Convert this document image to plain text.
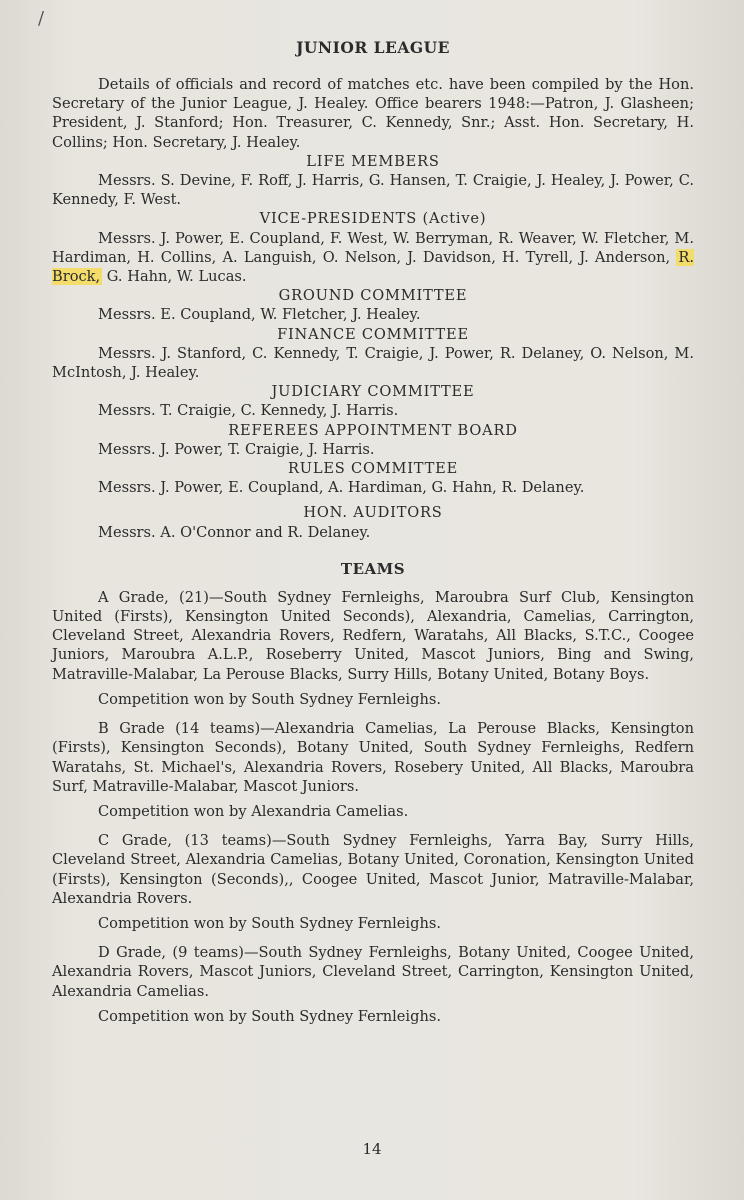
/
JUNIOR LEAGUE

Details of officials and record of matches etc. have been compiled by the Hon. Secretary of the Junior League, J. Healey. Office bearers 1948:—Patron, J. Glasheen; President, J. Stanford; Hon. Treasurer, C. Kennedy, Snr.; Asst. Hon. Secretary, H. Collins; Hon. Secretary, J. Healey.

LIFE MEMBERS

Messrs. S. Devine, F. Roff, J. Harris, G. Hansen, T. Craigie, J. Healey, J. Power, C. Kennedy, F. West.

VICE-PRESIDENTS (Active)

Messrs. J. Power, E. Coupland, F. West, W. Berryman, R. Weaver, W. Fletcher, M. Hardiman, H. Collins, A. Languish, O. Nelson, J. Davidson, H. Tyrell, J. Anderson, R. Brock, G. Hahn, W. Lucas.

GROUND COMMITTEE

Messrs. E. Coupland, W. Fletcher, J. Healey.

FINANCE COMMITTEE

Messrs. J. Stanford, C. Kennedy, T. Craigie, J. Power, R. Delaney, O. Nelson, M. McIntosh, J. Healey.

JUDICIARY COMMITTEE

Messrs. T. Craigie, C. Kennedy, J. Harris.

REFEREES APPOINTMENT BOARD

Messrs. J. Power, T. Craigie, J. Harris.

RULES COMMITTEE

Messrs. J. Power, E. Coupland, A. Hardiman, G. Hahn, R. Delaney.

HON. AUDITORS

Messrs. A. O'Connor and R. Delaney.

TEAMS

A Grade, (21)—South Sydney Fernleighs, Maroubra Surf Club, Kensington United (Firsts), Kensington United Seconds), Alexandria, Camelias, Carrington, Cleveland Street, Alexandria Rovers, Redfern, Waratahs, All Blacks, S.T.C., Coogee Juniors, Maroubra A.L.P., Roseberry United, Mascot Juniors, Bing and Swing, Matraville-Malabar, La Perouse Blacks, Surry Hills, Botany United, Botany Boys.

Competition won by South Sydney Fernleighs.

B Grade (14 teams)—Alexandria Camelias, La Perouse Blacks, Kensington (Firsts), Kensington Seconds), Botany United, South Sydney Fernleighs, Redfern Waratahs, St. Michael's, Alexandria Rovers, Rosebery United, All Blacks, Maroubra Surf, Matraville-Malabar, Mascot Juniors.

Competition won by Alexandria Camelias.

C Grade, (13 teams)—South Sydney Fernleighs, Yarra Bay, Surry Hills, Cleveland Street, Alexandria Camelias, Botany United, Coronation, Kensington United (Firsts), Kensington (Seconds),, Coogee United, Mascot Junior, Matraville-Malabar, Alexandria Rovers.

Competition won by South Sydney Fernleighs.

D Grade, (9 teams)—South Sydney Fernleighs, Botany United, Coogee United, Alexandria Rovers, Mascot Juniors, Cleveland Street, Carrington, Kensington United, Alexandria Camelias.

Competition won by South Sydney Fernleighs.

14
